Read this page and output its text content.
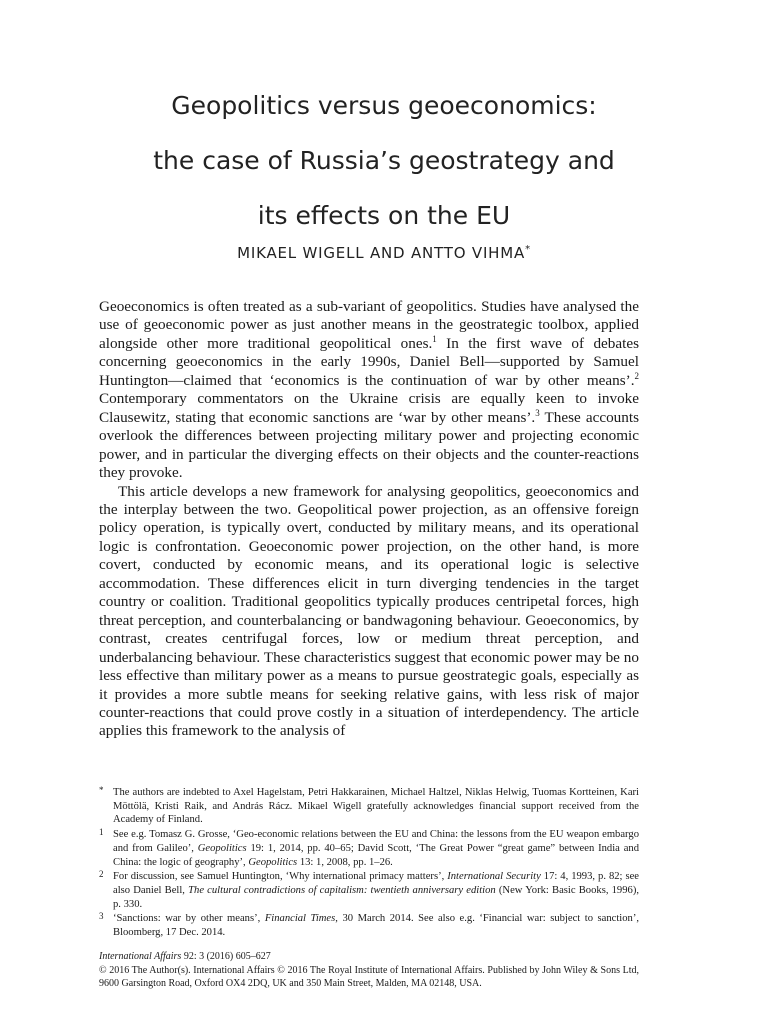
Geopolitics versus geoeconomics:
the case of Russia’s geostrategy and
its effects on the EU
MIKAEL WIGELL AND ANTTO VIHMA*

Geoeconomics is often treated as a sub-variant of geopolitics. Studies have analysed the use of geoeconomic power as just another means in the geostrategic toolbox, applied alongside other more traditional geopolitical ones.$^1$ In the first wave of debates concerning geoeconomics in the early 1990s, Daniel Bell—supported by Samuel Huntington—claimed that ‘economics is the continuation of war by other means’.$^2$ Contemporary commentators on the Ukraine crisis are equally keen to invoke Clausewitz, stating that economic sanctions are ‘war by other means’.$^3$ These accounts overlook the differences between projecting military power and projecting economic power, and in particular the diverging effects on their objects and the counter-reactions they provoke.

This article develops a new framework for analysing geopolitics, geoeconomics and the interplay between the two. Geopolitical power projection, as an offensive foreign policy operation, is typically overt, conducted by military means, and its operational logic is confrontation. Geoeconomic power projection, on the other hand, is more covert, conducted by economic means, and its operational logic is selective accommodation. These differences elicit in turn diverging tendencies in the target country or coalition. Traditional geopolitics typically produces centripetal forces, high threat perception, and counterbalancing or bandwagoning behaviour. Geoeconomics, by contrast, creates centrifugal forces, low or medium threat perception, and underbalancing behaviour. These characteristics suggest that economic power may be no less effective than military power as a means to pursue geostrategic goals, especially as it provides a more subtle means for seeking relative gains, with less risk of major counter-reactions that could prove costly in a situation of interdependency. The article applies this framework to the analysis of

* The authors are indebted to Axel Hagelstam, Petri Hakkarainen, Michael Haltzel, Niklas Helwig, Tuomas Kortteinen, Kari Möttölä, Kristi Raik, and András Rácz. Mikael Wigell gratefully acknowledges financial support received from the Academy of Finland.
1 See e.g. Tomasz G. Grosse, ‘Geo-economic relations between the EU and China: the lessons from the EU weapon embargo and from Galileo’, Geopolitics 19: 1, 2014, pp. 40–65; David Scott, ‘The Great Power “great game” between India and China: the logic of geography’, Geopolitics 13: 1, 2008, pp. 1–26.
2 For discussion, see Samuel Huntington, ‘Why international primacy matters’, International Security 17: 4, 1993, p. 82; see also Daniel Bell, The cultural contradictions of capitalism: twentieth anniversary edition (New York: Basic Books, 1996), p. 330.
3 ‘Sanctions: war by other means’, Financial Times, 30 March 2014. See also e.g. ‘Financial war: subject to sanction’, Bloomberg, 17 Dec. 2014.
International Affairs 92: 3 (2016) 605–627
© 2016 The Author(s). International Affairs © 2016 The Royal Institute of International Affairs. Published by John Wiley & Sons Ltd, 9600 Garsington Road, Oxford OX4 2DQ, UK and 350 Main Street, Malden, MA 02148, USA.
